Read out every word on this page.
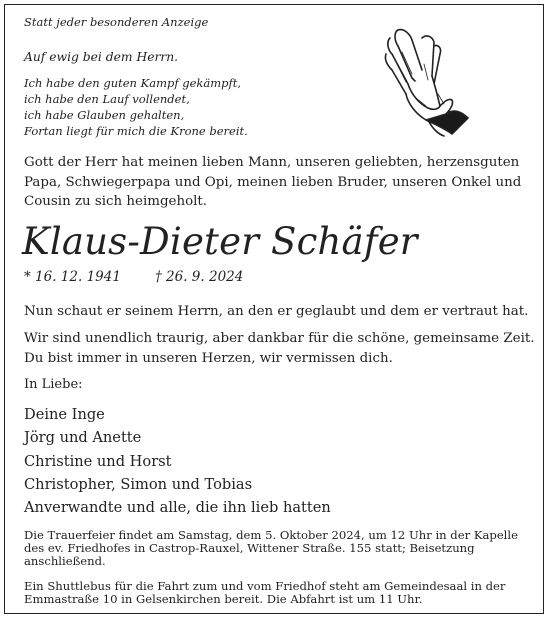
Statt jeder besonderen Anzeige
Auf ewig bei dem Herrn.
Ich habe den guten Kampf gekämpft,
ich habe den Lauf vollendet,
ich habe Glauben gehalten,
Fortan liegt für mich die Krone bereit.
Gott der Herr hat meinen lieben Mann, unseren geliebten, herzensguten
Papa, Schwiegerpapa und Opi, meinen lieben Bruder, unseren Onkel und
Cousin zu sich heimgeholt.
Klaus-Dieter Schäfer
* 16. 12. 1941	† 26. 9. 2024
Nun schaut er seinem Herrn, an den er geglaubt und dem er vertraut hat.
Wir sind unendlich traurig, aber dankbar für die schöne, gemeinsame Zeit.
Du bist immer in unseren Herzen, wir vermissen dich.
In Liebe:
Deine Inge
Jörg und Anette
Christine und Horst
Christopher, Simon und Tobias
Anverwandte und alle, die ihn lieb hatten
Die Trauerfeier findet am Samstag, dem 5. Oktober 2024, um 12 Uhr in der Kapelle
des ev. Friedhofes in Castrop-Rauxel, Wittener Straße. 155 statt; Beisetzung
anschließend.
Ein Shuttlebus für die Fahrt zum und vom Friedhof steht am Gemeindesaal in der
Emmastraße 10 in Gelsenkirchen bereit. Die Abfahrt ist um 11 Uhr.
